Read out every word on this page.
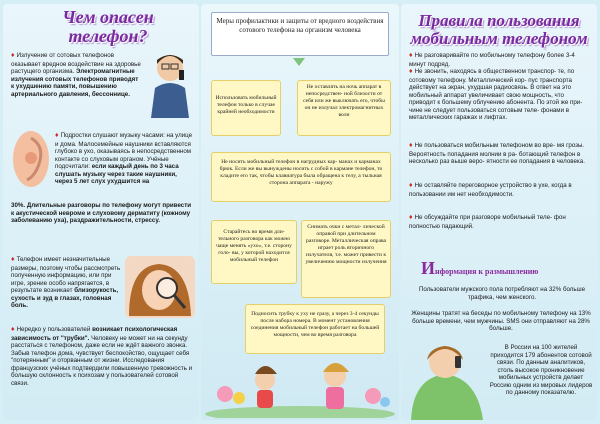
Чем опасен телефон?
♦ Излучение от сотовых телефонов оказывает вредное воздействие на здоровье растущего организма. Электромагнитные излучения сотовых телефонов приводят к ухудшению памяти, повышению артериального давления, бессоннице.
♦ Подростки слушают музыку часами: на улице и дома. Малосемейные наушники вставляются глубоко в ухо, оказываясь в непосредственном контакте со слуховым органом. Учёные подсчитали: если каждый день по 3 часа слушать музыку через такие наушники, через 5 лет слух ухудшится на
30%. Длительные разговоры по телефону могут привести к акустической невроме и слуховому дерматиту (кожному заболеванию уха), раздражительности, стрессу.
♦ Телефон имеет незначительные размеры, поэтому чтобы рассмотреть полученную информацию, или при игре, зрение особо напрягается, в результате возникает близорукость, сухость и зуд в глазах, головная боль.
♦ Нередко у пользователей возникает психологическая зависимость от "трубки". Человеку не может ни на секунду расстаться с телефоном, даже если не ждёт важного звонка. Забыв телефон дома, чувствует беспокойство, ощущает себя "потерянным" и оторванным от жизни. Исследования французских учёных подтвердили повышенную тревожность и большую склонность к психозам у пользователей сотовой связи.
Меры профилактики и защиты от вредного воздействия сотового телефона на организм человека
Использовать мобильный телефон только в случае крайней необходимости
Не оставлять на ночь аппарат в непосредствен- ной близости от себя или же выключать его, чтобы он не излучал электромагнитных волн
Не носить мобильный телефон в нагрудных кар- манах и карманах брюк. Если же вы вынуждены носить с собой в кармане телефон, то кладите его так, чтобы клавиатура была обращена к телу, а тыльная сторона аппарата - наружу
Старайтесь во время дли- тельного разговора как можно чаще менять «ухо», т.е. сторону голо- вы, у которой находится мобильный телефон
Снимать очки с метал- лической оправой при длительном разговоре. Металлическая оправа играет роль вторичного излучателя, т.е. может привести к увеличению мощности излучения
Подносить трубку к уху не сразу, а через 3-4 секунды после набора номера. В момент установления соединения мобильный телефон работает на большей мощности, чем во время разговора
Правила пользования мобильным телефоном
♦ Не разговаривайте по мобильному телефону более 3-4 минут подряд.
♦ Не звонить, находясь в общественном транспор- те, по сотовому телефону. Металлический кор- пус транспорта действует на экран, ухудшая радиосвязь. В ответ на это мобильный аппарат увеличивает свою мощность, что приводит к большему облучению абонента. По этой же при- чине не следует пользоваться сотовым теле- фонами в металлических гаражах и лифтах.
♦ Не пользоваться мобильным телефоном во вре- мя грозы. Вероятность попадания молнии в ра- ботающий телефон в несколько раз выше веро- ятности ее попадания в человека.
♦ Не оставляйте переговорное устройство в ухе, когда в пользовании им нет необходимости.
♦ Не обсуждайте при разговоре мобильный теле- фон полностью падающий.
Информация к размышлению
Пользователи мужского пола потребляют на 32% больше трафика, чем женского.
Женщины тратят на беседы по мобильному телефону на 13% больше времени, чем мужчины. SMS они отправляют на 28% больше.
В России на 100 жителей приходится 179 абонентов сотовой связи. По данным аналитиков, столь высокое проникновение мобильных устройств делает Россию одним из мировых лидеров по данному показателю.
